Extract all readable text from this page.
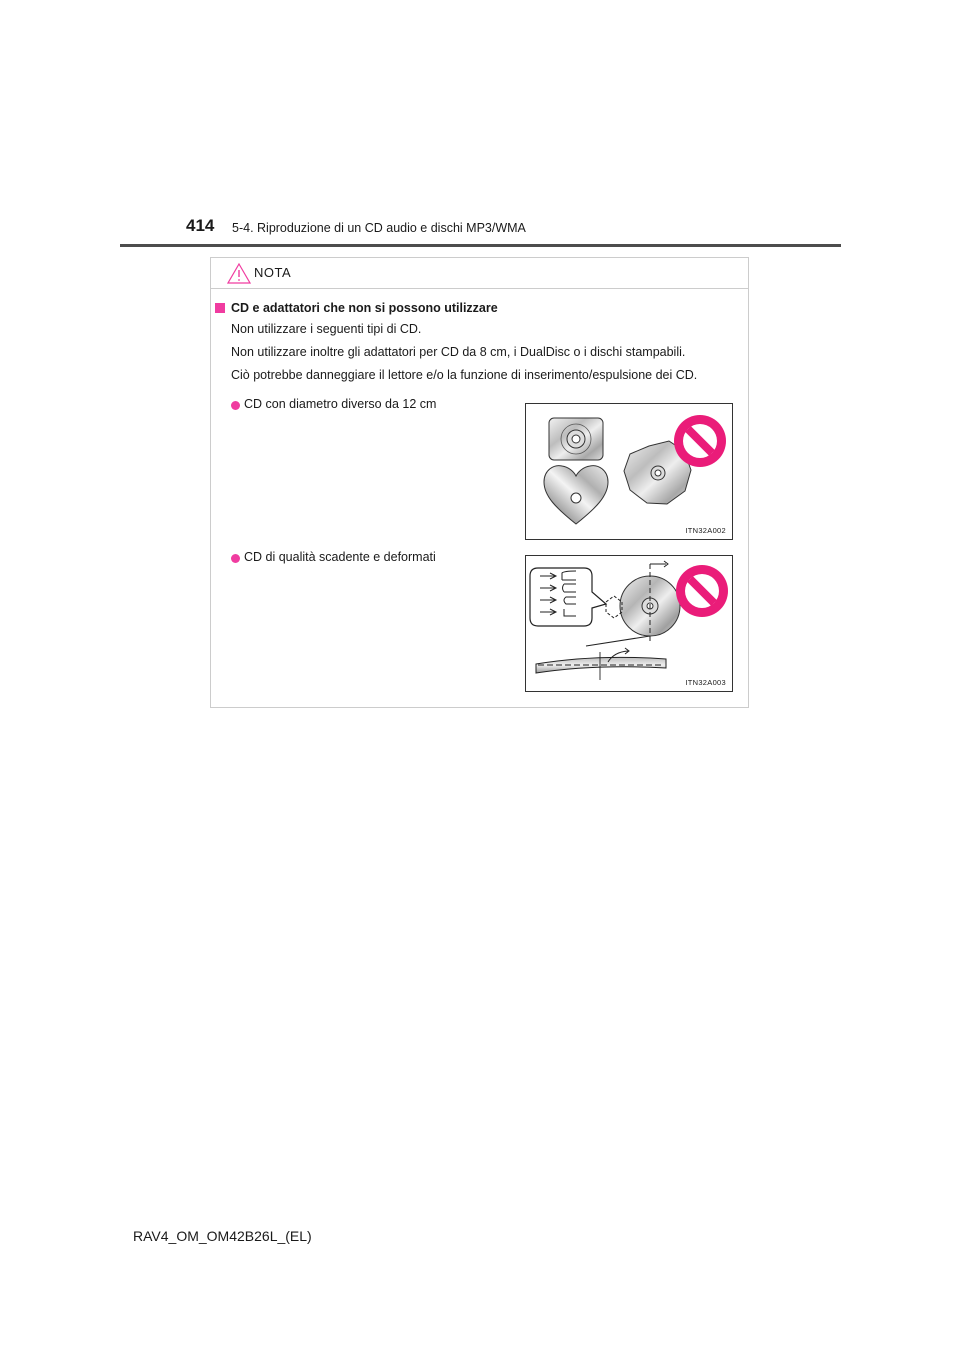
414 5-4. Riproduzione di un CD audio e dischi MP3/WMA
NOTA
CD e adattatori che non si possono utilizzare
Non utilizzare i seguenti tipi di CD.
Non utilizzare inoltre gli adattatori per CD da 8 cm, i DualDisc o i dischi stampabili.
Ciò potrebbe danneggiare il lettore e/o la funzione di inserimento/espulsione dei CD.
CD con diametro diverso da 12 cm
ITN32A002
CD di qualità scadente e deformati
ITN32A003
RAV4_OM_OM42B26L_(EL)
